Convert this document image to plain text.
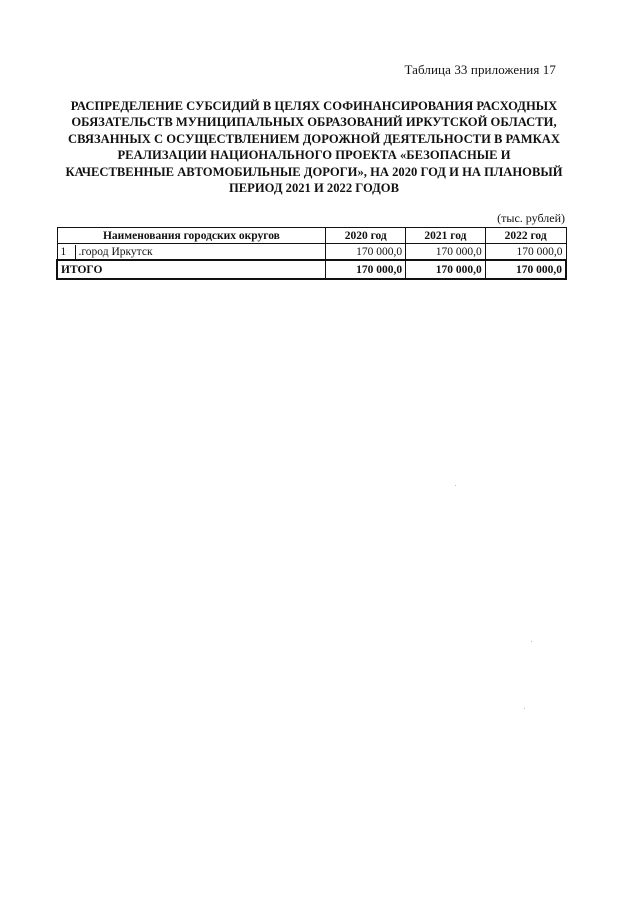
Таблица 33 приложения 17
РАСПРЕДЕЛЕНИЕ СУБСИДИЙ В ЦЕЛЯХ СОФИНАНСИРОВАНИЯ РАСХОДНЫХ
ОБЯЗАТЕЛЬСТВ МУНИЦИПАЛЬНЫХ ОБРАЗОВАНИЙ ИРКУТСКОЙ ОБЛАСТИ,
СВЯЗАННЫХ С ОСУЩЕСТВЛЕНИЕМ ДОРОЖНОЙ ДЕЯТЕЛЬНОСТИ В РАМКАХ
РЕАЛИЗАЦИИ НАЦИОНАЛЬНОГО ПРОЕКТА «БЕЗОПАСНЫЕ И
КАЧЕСТВЕННЫЕ АВТОМОБИЛЬНЫЕ ДОРОГИ», НА 2020 ГОД И НА ПЛАНОВЫЙ
ПЕРИОД 2021 И 2022 ГОДОВ
(тыс. рублей)
Наименования городских округов	2020 год	2021 год	2022 год
1 .город Иркутск	170 000,0	170 000,0	170 000,0
ИТОГО	170 000,0	170 000,0	170 000,0
